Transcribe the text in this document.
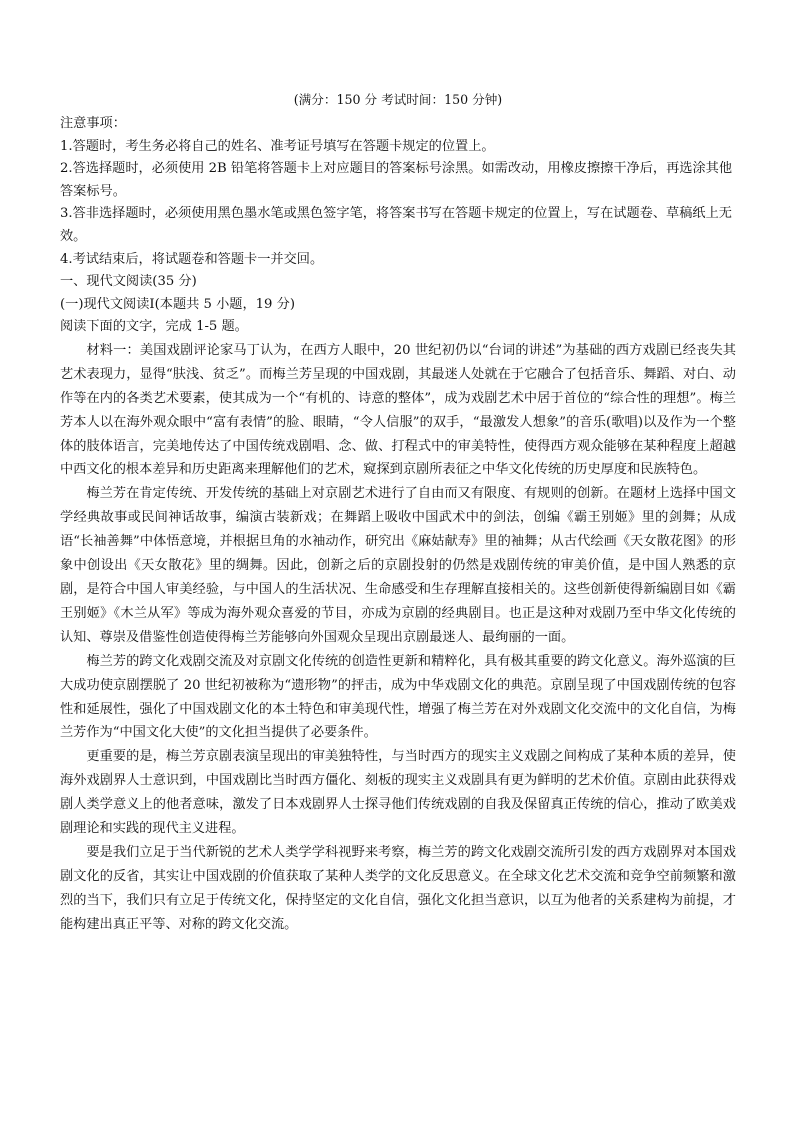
(满分：150 分 考试时间：150 分钟)

注意事项：

1.答题时，考生务必将自己的姓名、准考证号填写在答题卡规定的位置上。

2.答选择题时，必须使用 2B 铅笔将答题卡上对应题目的答案标号涂黑。如需改动，用橡皮擦擦干净后，再选涂其他答案标号。

3.答非选择题时，必须使用黑色墨水笔或黑色签字笔，将答案书写在答题卡规定的位置上，写在试题卷、草稿纸上无效。

4.考试结束后，将试题卷和答题卡一并交回。

一、现代文阅读(35 分)

(一)现代文阅读Ⅰ(本题共 5 小题，19 分)

阅读下面的文字，完成 1-5 题。

材料一：美国戏剧评论家马丁认为，在西方人眼中，20 世纪初仍以“台词的讲述”为基础的西方戏剧已经丧失其艺术表现力，显得“肤浅、贫乏”。而梅兰芳呈现的中国戏剧，其最迷人处就在于它融合了包括音乐、舞蹈、对白、动作等在内的各类艺术要素，使其成为一个“有机的、诗意的整体”，成为戏剧艺术中居于首位的“综合性的理想”。梅兰芳本人以在海外观众眼中“富有表情”的脸、眼睛，“令人信服”的双手，“最激发人想象”的音乐(歌唱)以及作为一个整体的肢体语言，完美地传达了中国传统戏剧唱、念、做、打程式中的审美特性，使得西方观众能够在某种程度上超越中西文化的根本差异和历史距离来理解他们的艺术，窥探到京剧所表征之中华文化传统的历史厚度和民族特色。

梅兰芳在肯定传统、开发传统的基础上对京剧艺术进行了自由而又有限度、有规则的创新。在题材上选择中国文学经典故事或民间神话故事，编演古装新戏；在舞蹈上吸收中国武术中的剑法，创编《霸王别姬》里的剑舞；从成语“长袖善舞”中体悟意境，并根据旦角的水袖动作，研究出《麻姑献寿》里的袖舞；从古代绘画《天女散花图》的形象中创设出《天女散花》里的绸舞。因此，创新之后的京剧投射的仍然是戏剧传统的审美价值，是中国人熟悉的京剧，是符合中国人审美经验，与中国人的生活状况、生命感受和生存理解直接相关的。这些创新使得新编剧目如《霸王别姬》《木兰从军》等成为海外观众喜爱的节目，亦成为京剧的经典剧目。也正是这种对戏剧乃至中华文化传统的认知、尊崇及借鉴性创造使得梅兰芳能够向外国观众呈现出京剧最迷人、最绚丽的一面。

梅兰芳的跨文化戏剧交流及对京剧文化传统的创造性更新和精粹化，具有极其重要的跨文化意义。海外巡演的巨大成功使京剧摆脱了 20 世纪初被称为“遗形物”的抨击，成为中华戏剧文化的典范。京剧呈现了中国戏剧传统的包容性和延展性，强化了中国戏剧文化的本土特色和审美现代性，增强了梅兰芳在对外戏剧文化交流中的文化自信，为梅兰芳作为“中国文化大使”的文化担当提供了必要条件。

更重要的是，梅兰芳京剧表演呈现出的审美独特性，与当时西方的现实主义戏剧之间构成了某种本质的差异，使海外戏剧界人士意识到，中国戏剧比当时西方僵化、刻板的现实主义戏剧具有更为鲜明的艺术价值。京剧由此获得戏剧人类学意义上的他者意味，激发了日本戏剧界人士探寻他们传统戏剧的自我及保留真正传统的信心，推动了欧美戏剧理论和实践的现代主义进程。

要是我们立足于当代新锐的艺术人类学学科视野来考察，梅兰芳的跨文化戏剧交流所引发的西方戏剧界对本国戏剧文化的反省，其实让中国戏剧的价值获取了某种人类学的文化反思意义。在全球文化艺术交流和竞争空前频繁和激烈的当下，我们只有立足于传统文化，保持坚定的文化自信，强化文化担当意识，以互为他者的关系建构为前提，才能构建出真正平等、对称的跨文化交流。
